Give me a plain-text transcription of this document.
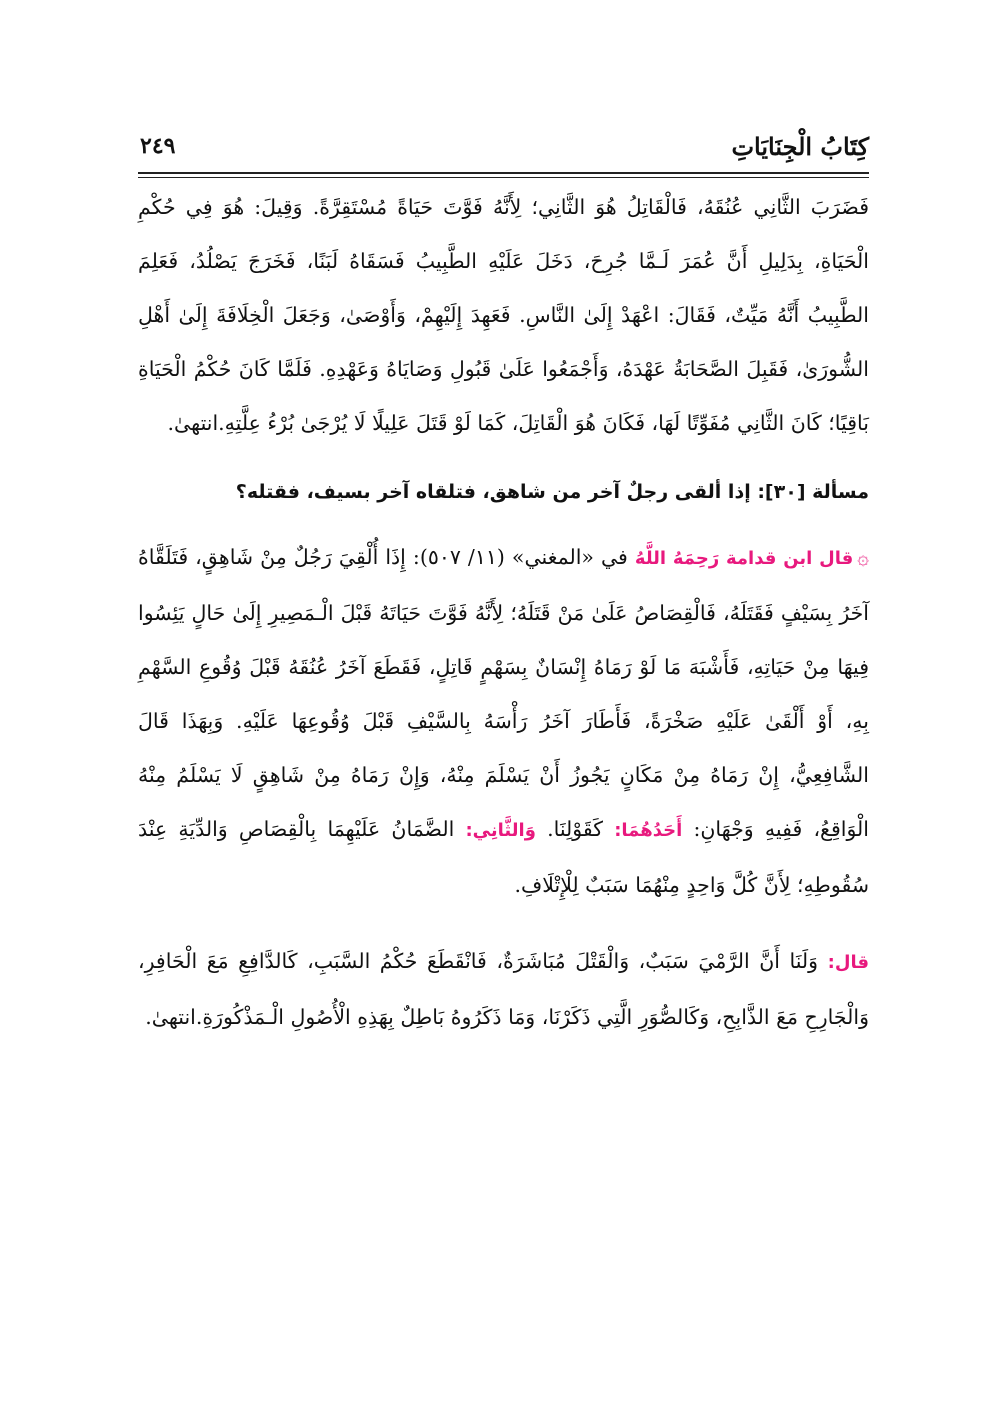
كِتَابُ الْجِنَايَاتِ
٢٤٩

فَضَرَبَ الثَّانِي عُنُقَهُ، فَالْقَاتِلُ هُوَ الثَّانِي؛ لِأَنَّهُ فَوَّتَ حَيَاةً مُسْتَقِرَّةً. وَقِيلَ: هُوَ فِي حُكْمِ الْحَيَاةِ، بِدَلِيلِ أَنَّ عُمَرَ لَـمَّا جُرِحَ، دَخَلَ عَلَيْهِ الطَّبِيبُ فَسَقَاهُ لَبَنًا، فَخَرَجَ يَصْلُدُ، فَعَلِمَ الطَّبِيبُ أَنَّهُ مَيِّتٌ، فَقَالَ: اعْهَدْ إِلَىٰ النَّاسِ. فَعَهِدَ إِلَيْهِمْ، وَأَوْصَىٰ، وَجَعَلَ الْخِلَافَةَ إِلَىٰ أَهْلِ الشُّورَىٰ، فَقَبِلَ الصَّحَابَةُ عَهْدَهُ، وَأَجْمَعُوا عَلَىٰ قَبُولِ وَصَايَاهُ وَعَهْدِهِ. فَلَمَّا كَانَ حُكْمُ الْحَيَاةِ بَاقِيًا؛ كَانَ الثَّانِي مُفَوِّتًا لَهَا، فَكَانَ هُوَ الْقَاتِلَ، كَمَا لَوْ قَتَلَ عَلِيلًا لَا يُرْجَىٰ بُرْءُ عِلَّتِهِ.انتهىٰ.

مسألة [٣٠]: إذا ألقى رجلٌ آخر من شاهق، فتلقاه آخر بسيف، فقتله؟

۞قال ابن قدامة رَحِمَهُ اللَّهُ في «المغني» (١١/ ٥٠٧): إِذَا أُلْقِيَ رَجُلٌ مِنْ شَاهِقٍ، فَتَلَقَّاهُ آخَرُ بِسَيْفٍ فَقَتَلَهُ، فَالْقِصَاصُ عَلَىٰ مَنْ قَتَلَهُ؛ لِأَنَّهُ فَوَّتَ حَيَاتَهُ قَبْلَ الْـمَصِيرِ إِلَىٰ حَالٍ يَئِسُوا فِيهَا مِنْ حَيَاتِهِ، فَأَشْبَهَ مَا لَوْ رَمَاهُ إِنْسَانٌ بِسَهْمٍ قَاتِلٍ، فَقَطَعَ آخَرُ عُنُقَهُ قَبْلَ وُقُوعِ السَّهْمِ بِهِ، أَوْ أَلْقَىٰ عَلَيْهِ صَخْرَةً، فَأَطَارَ آخَرُ رَأْسَهُ بِالسَّيْفِ قَبْلَ وُقُوعِهَا عَلَيْهِ. وَبِهَذَا قَالَ الشَّافِعِيُّ، إِنْ رَمَاهُ مِنْ مَكَانٍ يَجُوزُ أَنْ يَسْلَمَ مِنْهُ، وَإِنْ رَمَاهُ مِنْ شَاهِقٍ لَا يَسْلَمُ مِنْهُ الْوَاقِعُ، فَفِيهِ وَجْهَانِ: أَحَدُهُمَا: كَقَوْلِنَا. وَالثَّانِي: الضَّمَانُ عَلَيْهِمَا بِالْقِصَاصِ وَالدِّيَةِ عِنْدَ سُقُوطِهِ؛ لِأَنَّ كُلَّ وَاحِدٍ مِنْهُمَا سَبَبٌ لِلْإِتْلَافِ.

قال: وَلَنَا أَنَّ الرَّمْيَ سَبَبٌ، وَالْقَتْلَ مُبَاشَرَةٌ، فَانْقَطَعَ حُكْمُ السَّبَبِ، كَالدَّافِعِ مَعَ الْحَافِرِ، وَالْجَارِحِ مَعَ الذَّابِحِ، وَكَالصُّوَرِ الَّتِي ذَكَرْنَا، وَمَا ذَكَرُوهُ بَاطِلٌ بِهَذِهِ الْأُصُولِ الْـمَذْكُورَةِ.انتهىٰ.
